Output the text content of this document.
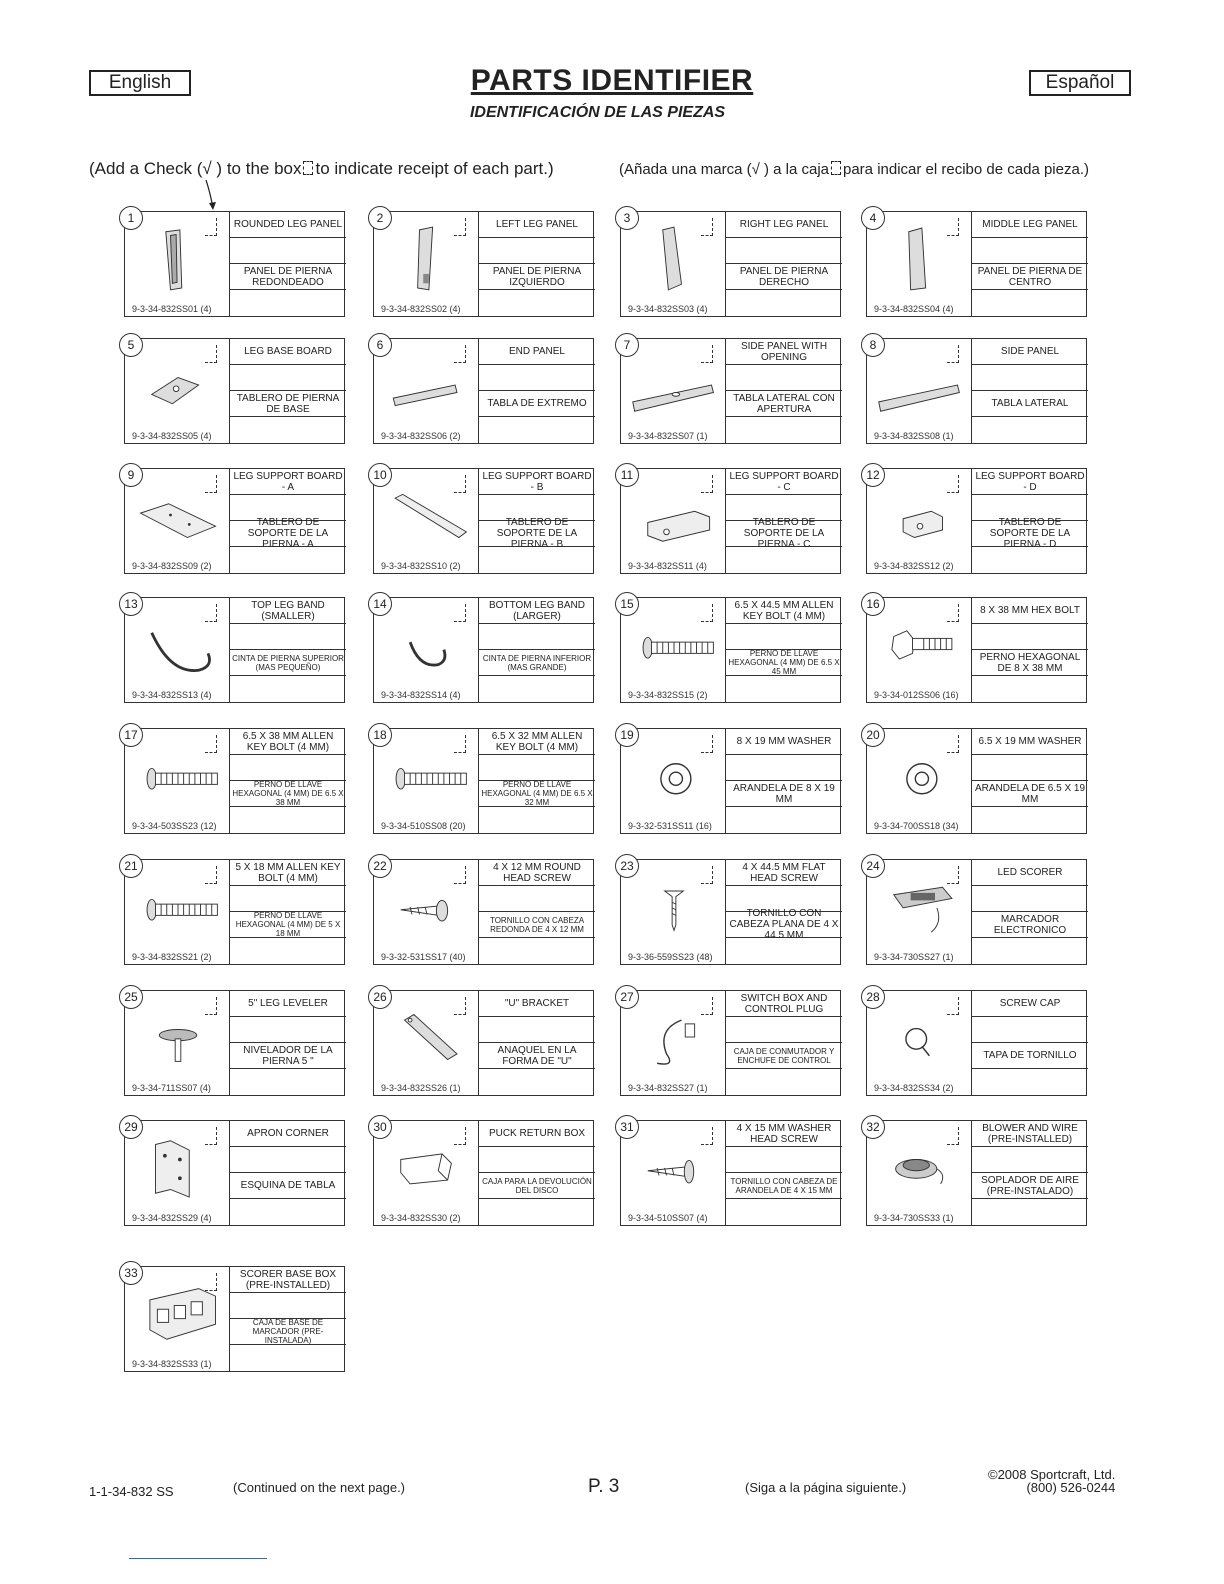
English	Español
PARTS IDENTIFIER
IDENTIFICACIÓN DE LAS PIEZAS
(Add a Check (√ ) to the box to indicate receipt of each part.)	(Añada una marca (√ ) a la caja para indicar el recibo de cada pieza.)
1
9-3-34-832SS01 (4)
ROUNDED LEG PANEL
PANEL DE PIERNA REDONDEADO
2
9-3-34-832SS02 (4)
LEFT LEG PANEL
PANEL DE PIERNA IZQUIERDO
3
9-3-34-832SS03 (4)
RIGHT LEG PANEL
PANEL DE PIERNA DERECHO
4
9-3-34-832SS04 (4)
MIDDLE LEG PANEL
PANEL DE PIERNA DE CENTRO
5
9-3-34-832SS05 (4)
LEG BASE BOARD
TABLERO DE PIERNA DE BASE
6
9-3-34-832SS06 (2)
END PANEL
TABLA DE EXTREMO
7
9-3-34-832SS07 (1)
SIDE PANEL WITH OPENING
TABLA LATERAL CON APERTURA
8
9-3-34-832SS08 (1)
SIDE PANEL
TABLA LATERAL
9
9-3-34-832SS09 (2)
LEG SUPPORT BOARD - A
TABLERO DE SOPORTE DE LA PIERNA - A
10
9-3-34-832SS10 (2)
LEG SUPPORT BOARD - B
TABLERO DE SOPORTE DE LA PIERNA - B
11
9-3-34-832SS11 (4)
LEG SUPPORT BOARD - C
TABLERO DE SOPORTE DE LA PIERNA - C
12
9-3-34-832SS12 (2)
LEG SUPPORT BOARD - D
TABLERO DE SOPORTE DE LA PIERNA - D
13
9-3-34-832SS13 (4)
TOP LEG BAND (SMALLER)
CINTA DE PIERNA SUPERIOR (MAS PEQUEÑO)
14
9-3-34-832SS14 (4)
BOTTOM LEG BAND (LARGER)
CINTA DE PIERNA INFERIOR (MAS GRANDE)
15
9-3-34-832SS15 (2)
6.5 X 44.5 MM ALLEN KEY BOLT (4 MM)
PERNO DE LLAVE HEXAGONAL (4 MM) DE 6.5 X 45 MM
16
9-3-34-012SS06 (16)
8 X 38 MM HEX BOLT
PERNO HEXAGONAL DE 8 X 38 MM
17
9-3-34-503SS23 (12)
6.5 X 38 MM ALLEN KEY BOLT (4 MM)
PERNO DE LLAVE HEXAGONAL (4 MM) DE 6.5 X 38 MM
18
9-3-34-510SS08 (20)
6.5 X 32 MM ALLEN KEY BOLT (4 MM)
PERNO DE LLAVE HEXAGONAL (4 MM) DE 6.5 X 32 MM
19
9-3-32-531SS11 (16)
8 X 19 MM WASHER
ARANDELA DE 8 X 19 MM
20
9-3-34-700SS18 (34)
6.5 X 19 MM WASHER
ARANDELA DE 6.5 X 19 MM
21
9-3-34-832SS21 (2)
5 X 18 MM ALLEN KEY BOLT (4 MM)
PERNO DE LLAVE HEXAGONAL (4 MM) DE 5 X 18 MM
22
9-3-32-531SS17 (40)
4 X 12 MM ROUND HEAD SCREW
TORNILLO CON CABEZA REDONDA DE 4 X 12 MM
23
9-3-36-559SS23 (48)
4 X 44.5 MM FLAT HEAD SCREW
TORNILLO CON CABEZA PLANA DE 4 X 44.5 MM
24
9-3-34-730SS27 (1)
LED SCORER
MARCADOR ELECTRONICO
25
9-3-34-711SS07 (4)
5" LEG LEVELER
NIVELADOR DE LA PIERNA 5 "
26
9-3-34-832SS26 (1)
"U" BRACKET
ANAQUEL EN LA FORMA DE "U"
27
9-3-34-832SS27 (1)
SWITCH BOX AND CONTROL PLUG
CAJA DE CONMUTADOR Y ENCHUFE DE CONTROL
28
9-3-34-832SS34 (2)
SCREW CAP
TAPA DE TORNILLO
29
9-3-34-832SS29 (4)
APRON CORNER
ESQUINA DE TABLA
30
9-3-34-832SS30 (2)
PUCK RETURN BOX
CAJA PARA LA DEVOLUCIÓN DEL DISCO
31
9-3-34-510SS07 (4)
4 X 15 MM WASHER HEAD SCREW
TORNILLO CON CABEZA DE ARANDELA DE 4 X 15 MM
32
9-3-34-730SS33 (1)
BLOWER AND WIRE (PRE-INSTALLED)
SOPLADOR DE AIRE (PRE-INSTALADO)
33
9-3-34-832SS33 (1)
SCORER BASE BOX (PRE-INSTALLED)
CAJA DE BASE DE MARCADOR (PRE-INSTALADA)
1-1-34-832 SS	(Continued on the next page.)	P. 3	(Siga a la página siguiente.)
©2008 Sportcraft, Ltd.
(800) 526-0244
